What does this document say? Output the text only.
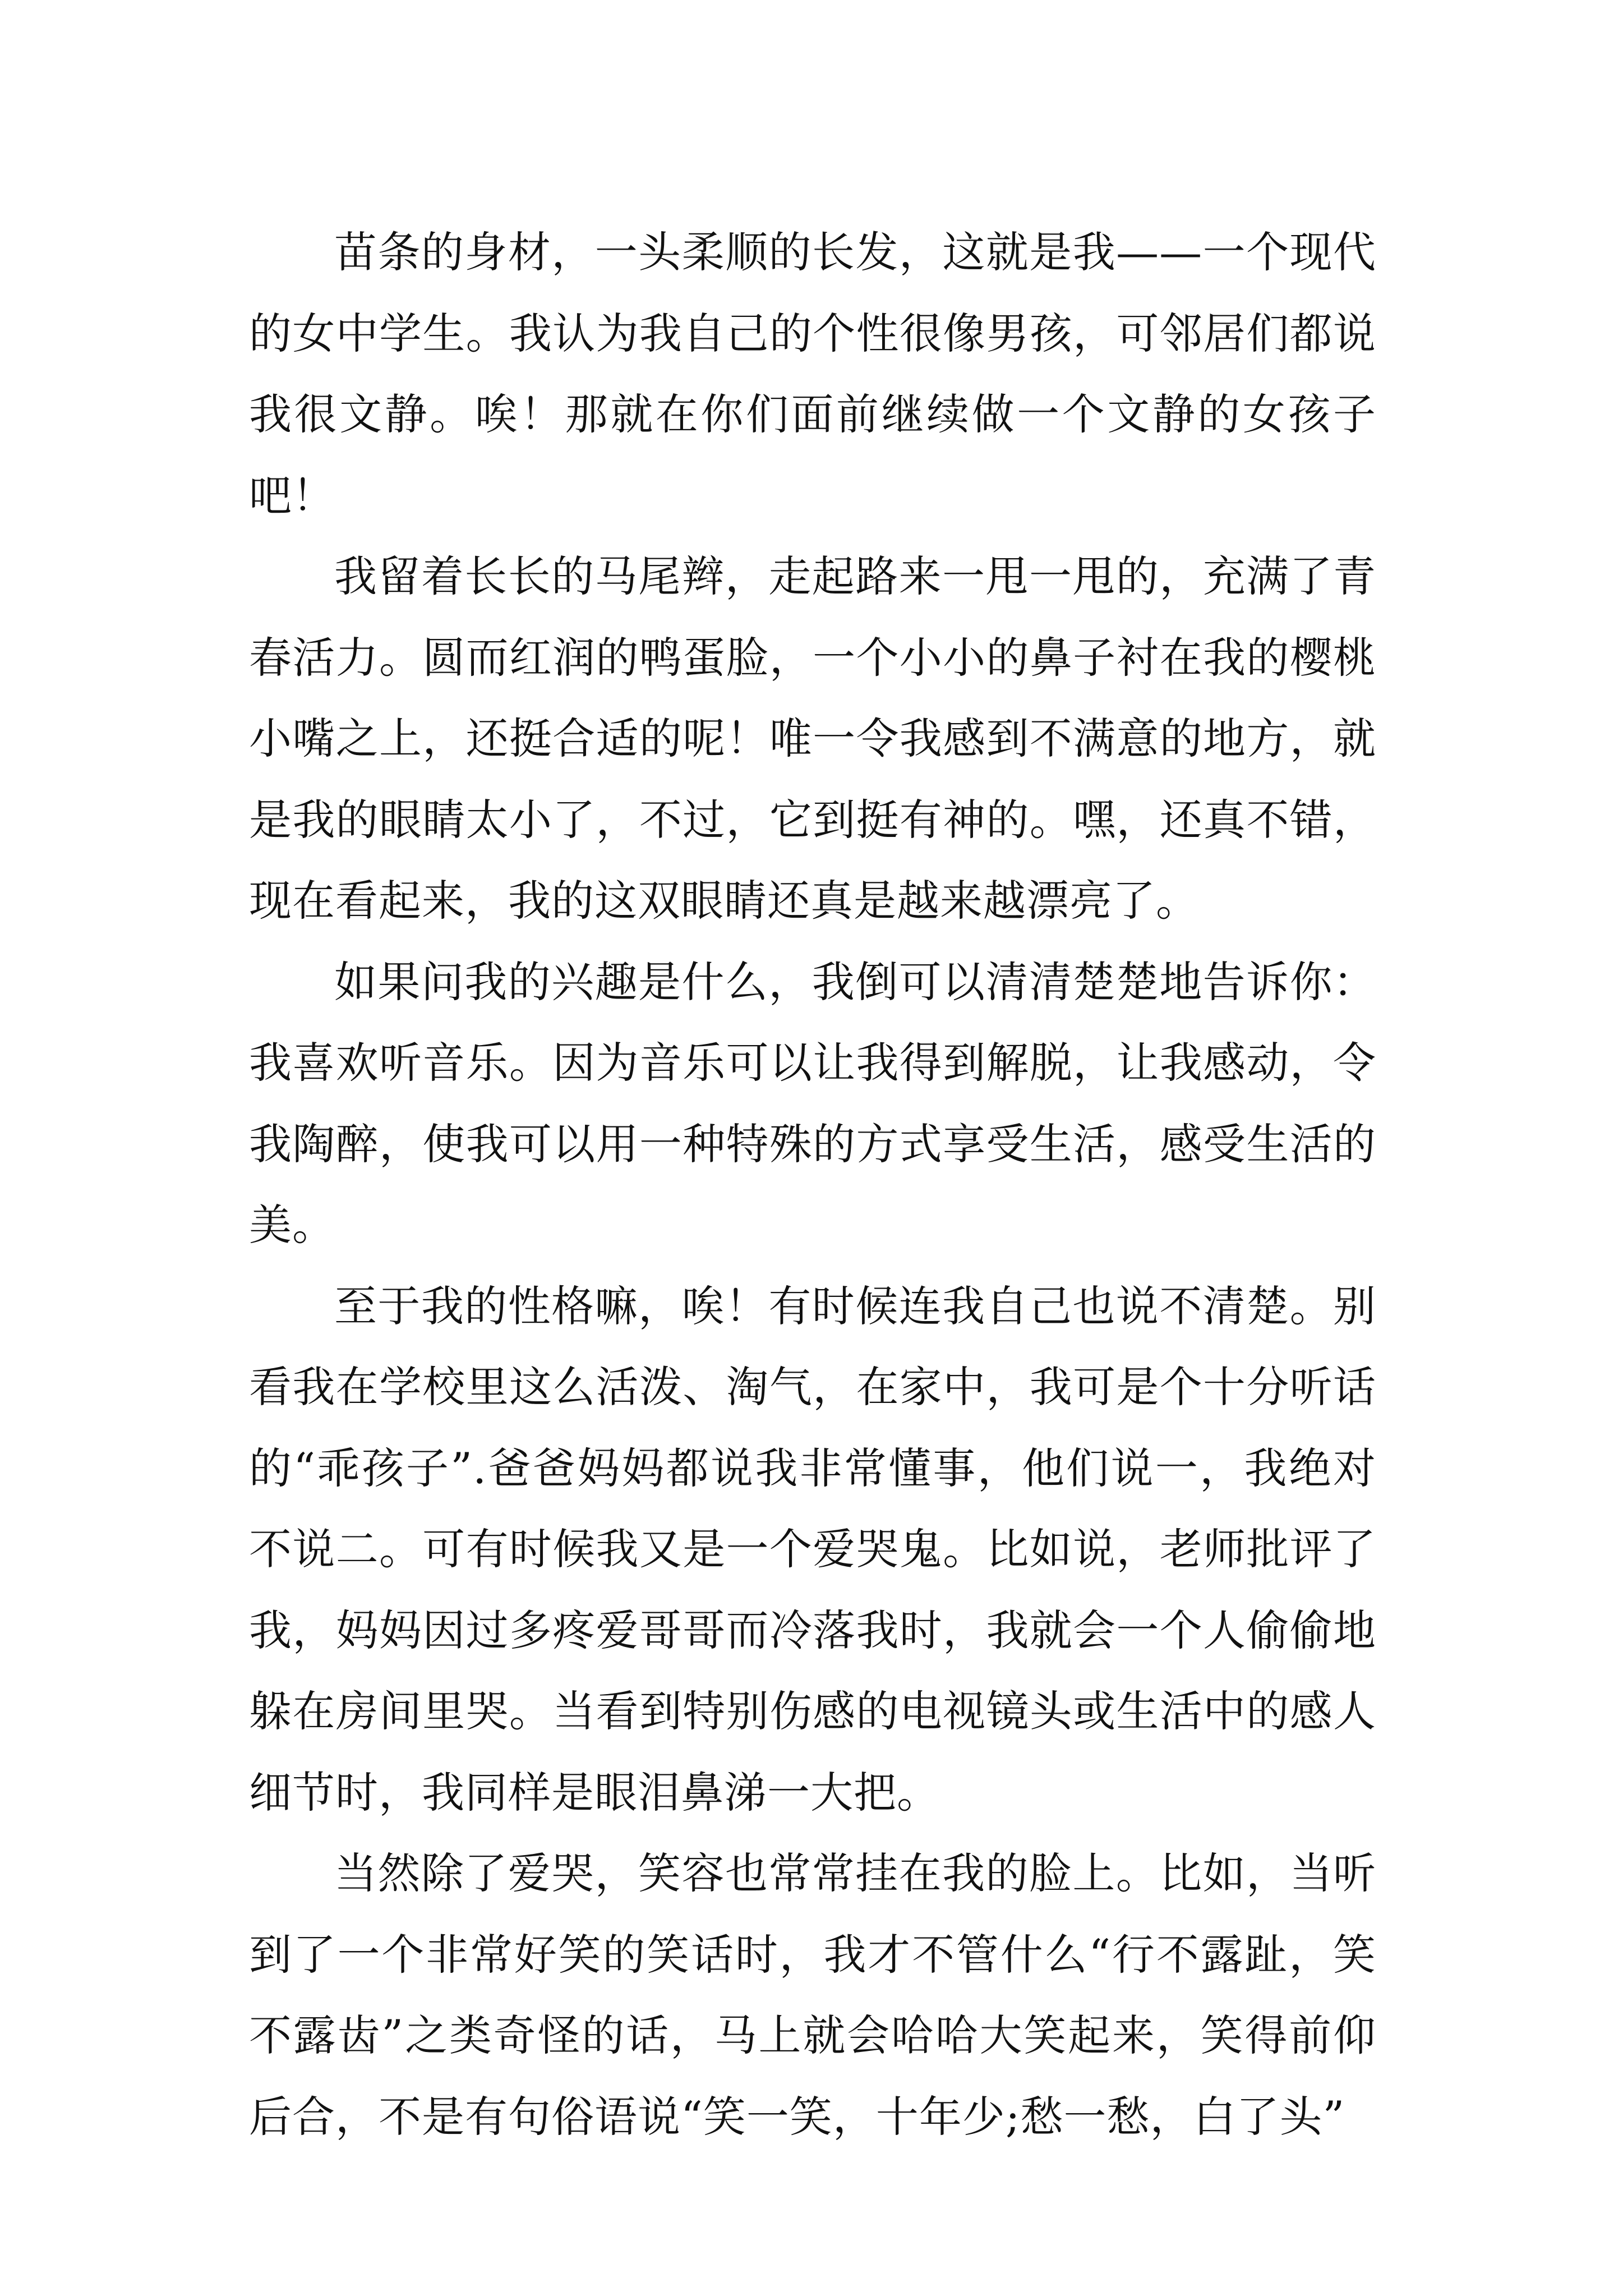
苗条的身材，一头柔顺的长发，这就是我——一个现代的女中学生。我认为我自己的个性很像男孩，可邻居们都说我很文静。唉！那就在你们面前继续做一个文静的女孩子吧！

我留着长长的马尾辫，走起路来一甩一甩的，充满了青春活力。圆而红润的鸭蛋脸，一个小小的鼻子衬在我的樱桃小嘴之上，还挺合适的呢！唯一令我感到不满意的地方，就是我的眼睛太小了，不过，它到挺有神的。嘿，还真不错，现在看起来，我的这双眼睛还真是越来越漂亮了。

如果问我的兴趣是什么，我倒可以清清楚楚地告诉你：我喜欢听音乐。因为音乐可以让我得到解脱，让我感动，令我陶醉，使我可以用一种特殊的方式享受生活，感受生活的美。

至于我的性格嘛，唉！有时候连我自己也说不清楚。别看我在学校里这么活泼、淘气，在家中，我可是个十分听话的“乖孩子”.爸爸妈妈都说我非常懂事，他们说一，我绝对不说二。可有时候我又是一个爱哭鬼。比如说，老师批评了我，妈妈因过多疼爱哥哥而冷落我时，我就会一个人偷偷地躲在房间里哭。当看到特别伤感的电视镜头或生活中的感人细节时，我同样是眼泪鼻涕一大把。

当然除了爱哭，笑容也常常挂在我的脸上。比如，当听到了一个非常好笑的笑话时，我才不管什么“行不露趾，笑不露齿”之类奇怪的话，马上就会哈哈大笑起来，笑得前仰后合，不是有句俗语说“笑一笑，十年少;愁一愁，白了头”
